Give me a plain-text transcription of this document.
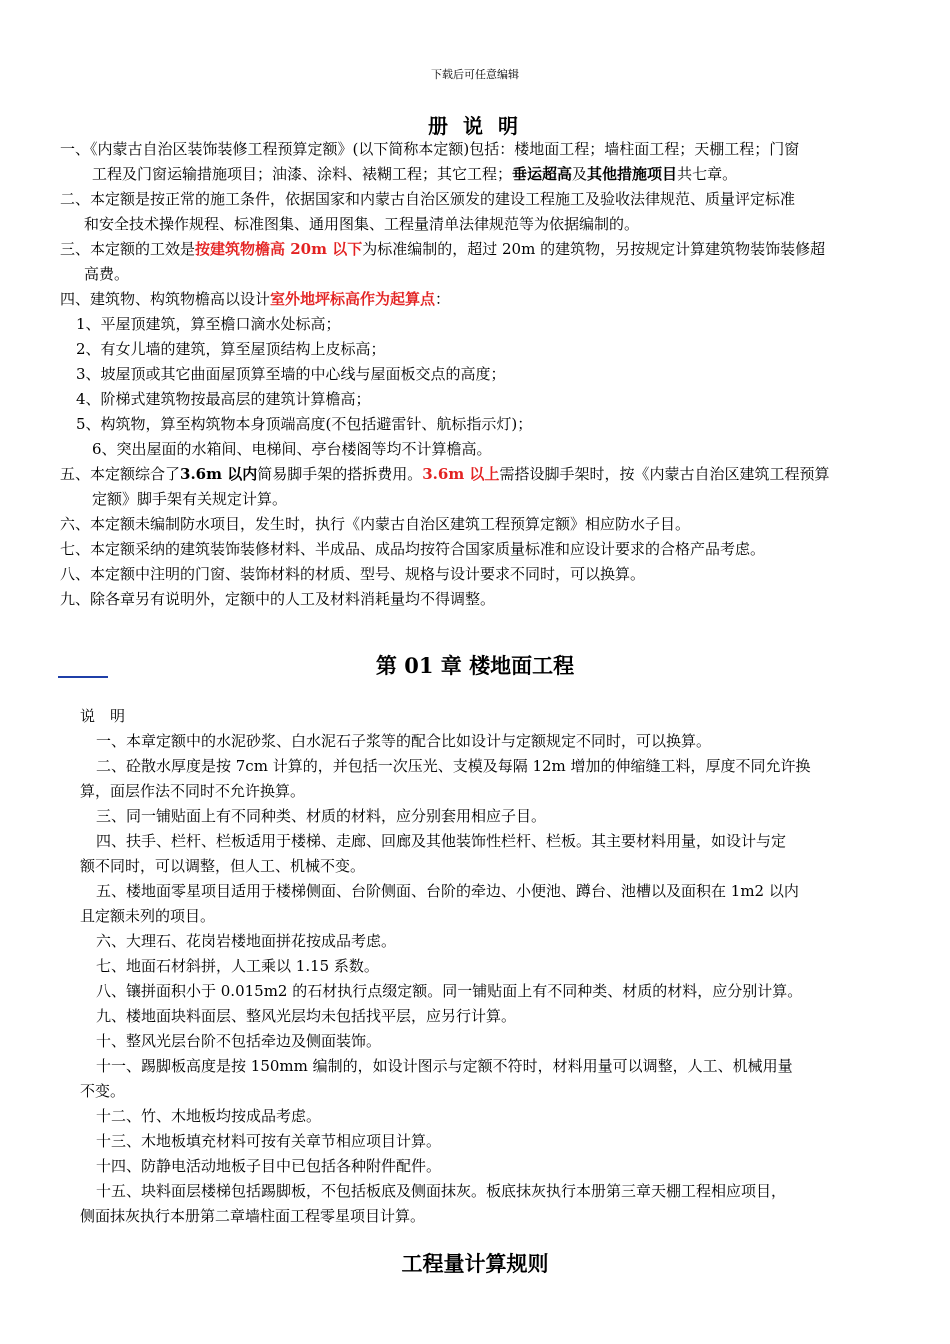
下载后可任意编辑
册 说 明
一、《内蒙古自治区装饰装修工程预算定额》(以下简称本定额)包括：楼地面工程；墙柱面工程；天棚工程；门窗
工程及门窗运输措施项目；油漆、涂料、裱糊工程；其它工程；垂运超高及其他措施项目共七章。
二、本定额是按正常的施工条件，依据国家和内蒙古自治区颁发的建设工程施工及验收法律规范、质量评定标准
和安全技术操作规程、标准图集、通用图集、工程量清单法律规范等为依据编制的。
三、本定额的工效是按建筑物檐高 20m 以下为标准编制的，超过 20m 的建筑物，另按规定计算建筑物装饰装修超
高费。
四、建筑物、构筑物檐高以设计室外地坪标高作为起算点：
1、平屋顶建筑，算至檐口滴水处标高；
2、有女儿墙的建筑，算至屋顶结构上皮标高；
3、坡屋顶或其它曲面屋顶算至墙的中心线与屋面板交点的高度；
4、阶梯式建筑物按最高层的建筑计算檐高；
5、构筑物，算至构筑物本身顶端高度(不包括避雷针、航标指示灯)；
6、突出屋面的水箱间、电梯间、亭台楼阁等均不计算檐高。
五、本定额综合了3.6m 以内简易脚手架的搭拆费用。3.6m 以上需搭设脚手架时，按《内蒙古自治区建筑工程预算
定额》脚手架有关规定计算。
六、本定额未编制防水项目，发生时，执行《内蒙古自治区建筑工程预算定额》相应防水子目。
七、本定额采纳的建筑装饰装修材料、半成品、成品均按符合国家质量标准和应设计要求的合格产品考虑。
八、本定额中注明的门窗、装饰材料的材质、型号、规格与设计要求不同时，可以换算。
九、除各章另有说明外，定额中的人工及材料消耗量均不得调整。
第 01 章 楼地面工程
说　明
一、本章定额中的水泥砂浆、白水泥石子浆等的配合比如设计与定额规定不同时，可以换算。
二、砼散水厚度是按 7cm 计算的，并包括一次压光、支模及每隔 12m 增加的伸缩缝工料，厚度不同允许换
算，面层作法不同时不允许换算。
三、同一铺贴面上有不同种类、材质的材料，应分别套用相应子目。
四、扶手、栏杆、栏板适用于楼梯、走廊、回廊及其他装饰性栏杆、栏板。其主要材料用量，如设计与定
额不同时，可以调整，但人工、机械不变。
五、楼地面零星项目适用于楼梯侧面、台阶侧面、台阶的牵边、小便池、蹲台、池槽以及面积在 1m2 以内
且定额未列的项目。
六、大理石、花岗岩楼地面拼花按成品考虑。
七、地面石材斜拼，人工乘以 1.15 系数。
八、镶拼面积小于 0.015m2 的石材执行点缀定额。同一铺贴面上有不同种类、材质的材料，应分别计算。
九、楼地面块料面层、整风光层均未包括找平层，应另行计算。
十、整风光层台阶不包括牵边及侧面装饰。
十一、踢脚板高度是按 150mm 编制的，如设计图示与定额不符时，材料用量可以调整，人工、机械用量
不变。
十二、竹、木地板均按成品考虑。
十三、木地板填充材料可按有关章节相应项目计算。
十四、防静电活动地板子目中已包括各种附件配件。
十五、块料面层楼梯包括踢脚板，不包括板底及侧面抹灰。板底抹灰执行本册第三章天棚工程相应项目，
侧面抹灰执行本册第二章墙柱面工程零星项目计算。
工程量计算规则
